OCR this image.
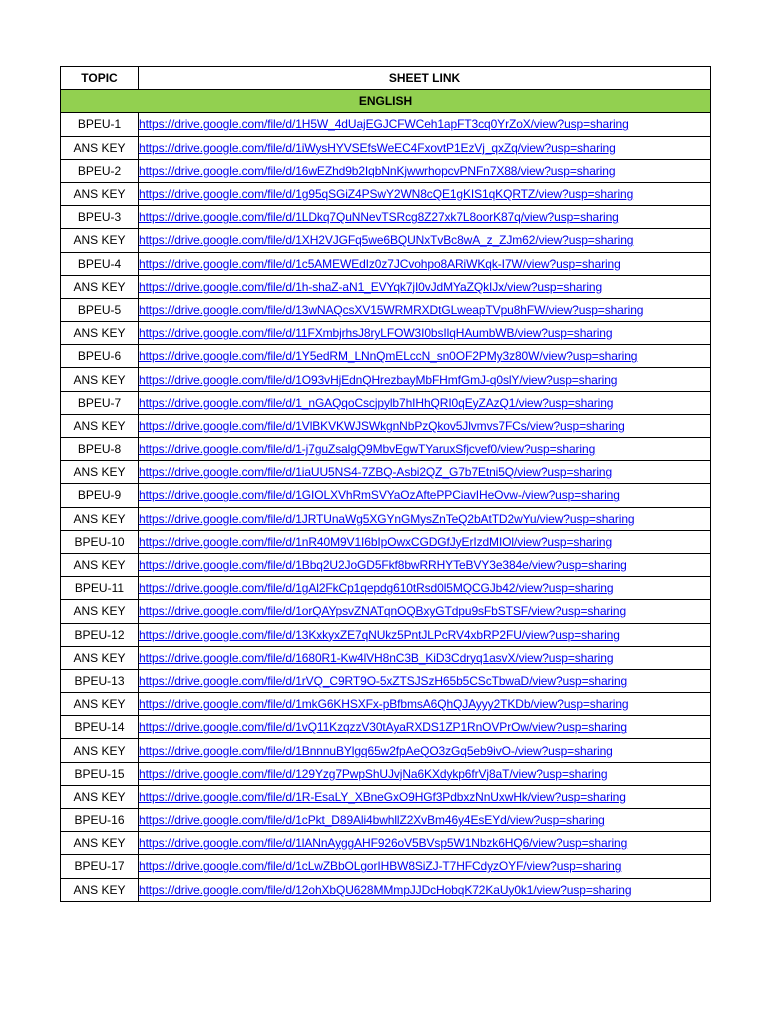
TOPIC	SHEET LINK
ENGLISH	
BPEU-1	https://drive.google.com/file/d/1H5W_4dUajEGJCFWCeh1apFT3cq0YrZoX/view?usp=sharing
ANS KEY	https://drive.google.com/file/d/1iWysHYVSEfsWeEC4FxovtP1EzVj_qxZq/view?usp=sharing
BPEU-2	https://drive.google.com/file/d/16wEZhd9b2IqbNnKjwwrhopcvPNFn7X88/view?usp=sharing
ANS KEY	https://drive.google.com/file/d/1g95qSGiZ4PSwY2WN8cQE1gKIS1qKQRTZ/view?usp=sharing
BPEU-3	https://drive.google.com/file/d/1LDkq7QuNNevTSRcg8Z27xk7L8oorK87q/view?usp=sharing
ANS KEY	https://drive.google.com/file/d/1XH2VJGFq5we6BQUNxTvBc8wA_z_ZJm62/view?usp=sharing
BPEU-4	https://drive.google.com/file/d/1c5AMEWEdIz0z7JCvohpo8ARiWKqk-I7W/view?usp=sharing
ANS KEY	https://drive.google.com/file/d/1h-shaZ-aN1_EVYqk7jI0vJdMYaZQkIJx/view?usp=sharing
BPEU-5	https://drive.google.com/file/d/13wNAQcsXV15WRMRXDtGLweapTVpu8hFW/view?usp=sharing
ANS KEY	https://drive.google.com/file/d/11FXmbjrhsJ8ryLFOW3I0bsIlqHAumbWB/view?usp=sharing
BPEU-6	https://drive.google.com/file/d/1Y5edRM_LNnQmELccN_sn0OF2PMy3z80W/view?usp=sharing
ANS KEY	https://drive.google.com/file/d/1O93vHjEdnQHrezbayMbFHmfGmJ-q0slY/view?usp=sharing
BPEU-7	https://drive.google.com/file/d/1_nGAQqoCscjpylb7hIHhQRI0qEyZAzQ1/view?usp=sharing
ANS KEY	https://drive.google.com/file/d/1VlBKVKWJSWkgnNbPzQkov5Jlvmvs7FCs/view?usp=sharing
BPEU-8	https://drive.google.com/file/d/1-j7guZsalgQ9MbvEgwTYaruxSfjcvef0/view?usp=sharing
ANS KEY	https://drive.google.com/file/d/1iaUU5NS4-7ZBQ-Asbi2QZ_G7b7Etni5Q/view?usp=sharing
BPEU-9	https://drive.google.com/file/d/1GIOLXVhRmSVYaOzAftePPCiavIHeOvw-/view?usp=sharing
ANS KEY	https://drive.google.com/file/d/1JRTUnaWg5XGYnGMysZnTeQ2bAtTD2wYu/view?usp=sharing
BPEU-10	https://drive.google.com/file/d/1nR40M9V1I6bIpOwxCGDGfJyErIzdMIOl/view?usp=sharing
ANS KEY	https://drive.google.com/file/d/1Bbq2U2JoGD5Fkf8bwRRHYTeBVY3e384e/view?usp=sharing
BPEU-11	https://drive.google.com/file/d/1gAl2FkCp1qepdg610tRsd0l5MQCGJb42/view?usp=sharing
ANS KEY	https://drive.google.com/file/d/1orQAYpsvZNATqnOQBxyGTdpu9sFbSTSF/view?usp=sharing
BPEU-12	https://drive.google.com/file/d/13KxkyxZE7qNUkz5PntJLPcRV4xbRP2FU/view?usp=sharing
ANS KEY	https://drive.google.com/file/d/1680R1-Kw4lVH8nC3B_KiD3Cdryq1asvX/view?usp=sharing
BPEU-13	https://drive.google.com/file/d/1rVQ_C9RT9O-5xZTSJSzH65b5CScTbwaD/view?usp=sharing
ANS KEY	https://drive.google.com/file/d/1mkG6KHSXFx-pBfbmsA6QhQJAyyy2TKDb/view?usp=sharing
BPEU-14	https://drive.google.com/file/d/1vQ11KzqzzV30tAyaRXDS1ZP1RnOVPrOw/view?usp=sharing
ANS KEY	https://drive.google.com/file/d/1BnnnuBYlgq65w2fpAeQO3zGq5eb9ivO-/view?usp=sharing
BPEU-15	https://drive.google.com/file/d/129Yzg7PwpShUJvjNa6KXdykp6frVj8aT/view?usp=sharing
ANS KEY	https://drive.google.com/file/d/1R-EsaLY_XBneGxO9HGf3PdbxzNnUxwHk/view?usp=sharing
BPEU-16	https://drive.google.com/file/d/1cPkt_D89Ali4bwhllZ2XvBm46y4EsEYd/view?usp=sharing
ANS KEY	https://drive.google.com/file/d/1lANnAyggAHF926oV5BVsp5W1Nbzk6HQ6/view?usp=sharing
BPEU-17	https://drive.google.com/file/d/1cLwZBbOLgorIHBW8SiZJ-T7HFCdyzOYF/view?usp=sharing
ANS KEY	https://drive.google.com/file/d/12ohXbQU628MMmpJJDcHobqK72KaUy0k1/view?usp=sharing
